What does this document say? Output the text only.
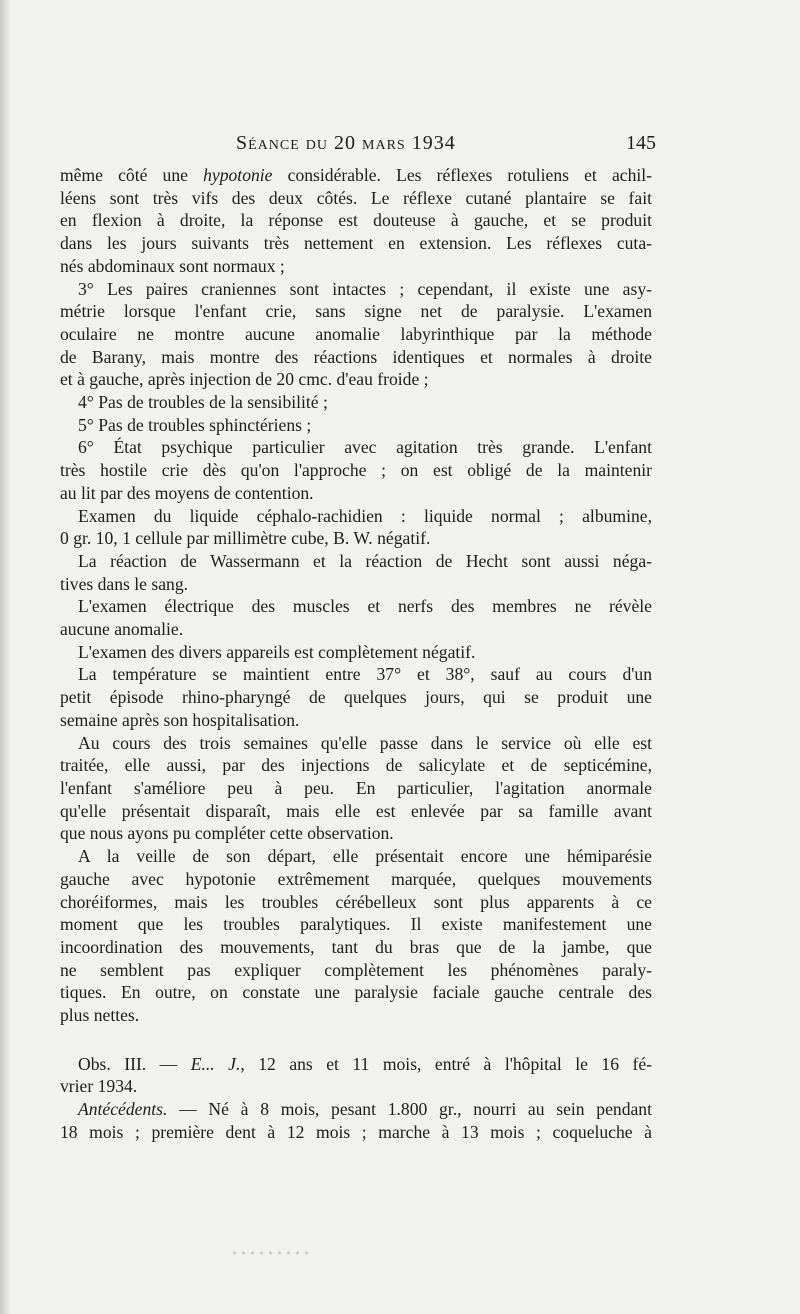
Séance du 20 mars 1934	145
même côté une hypotonie considérable. Les réflexes rotuliens et achil-
léens sont très vifs des deux côtés. Le réflexe cutané plantaire se fait
en flexion à droite, la réponse est douteuse à gauche, et se produit
dans les jours suivants très nettement en extension. Les réflexes cuta-
nés abdominaux sont normaux ;
3° Les paires craniennes sont intactes ; cependant, il existe une asy-
métrie lorsque l'enfant crie, sans signe net de paralysie. L'examen
oculaire ne montre aucune anomalie labyrinthique par la méthode
de Barany, mais montre des réactions identiques et normales à droite
et à gauche, après injection de 20 cmc. d'eau froide ;
4° Pas de troubles de la sensibilité ;
5° Pas de troubles sphinctériens ;
6° État psychique particulier avec agitation très grande. L'enfant
très hostile crie dès qu'on l'approche ; on est obligé de la maintenir
au lit par des moyens de contention.
Examen du liquide céphalo-rachidien : liquide normal ; albumine,
0 gr. 10, 1 cellule par millimètre cube, B. W. négatif.
La réaction de Wassermann et la réaction de Hecht sont aussi néga-
tives dans le sang.
L'examen électrique des muscles et nerfs des membres ne révèle
aucune anomalie.
L'examen des divers appareils est complètement négatif.
La température se maintient entre 37° et 38°, sauf au cours d'un
petit épisode rhino-pharyngé de quelques jours, qui se produit une
semaine après son hospitalisation.
Au cours des trois semaines qu'elle passe dans le service où elle est
traitée, elle aussi, par des injections de salicylate et de septicémine,
l'enfant s'améliore peu à peu. En particulier, l'agitation anormale
qu'elle présentait disparaît, mais elle est enlevée par sa famille avant
que nous ayons pu compléter cette observation.
A la veille de son départ, elle présentait encore une hémiparésie
gauche avec hypotonie extrêmement marquée, quelques mouvements
choréiformes, mais les troubles cérébelleux sont plus apparents à ce
moment que les troubles paralytiques. Il existe manifestement une
incoordination des mouvements, tant du bras que de la jambe, que
ne semblent pas expliquer complètement les phénomènes paraly-
tiques. En outre, on constate une paralysie faciale gauche centrale des
plus nettes.
Obs. III. — E... J., 12 ans et 11 mois, entré à l'hôpital le 16 fé-
vrier 1934.
Antécédents. — Né à 8 mois, pesant 1.800 gr., nourri au sein pendant
18 mois ; première dent à 12 mois ; marche à 13 mois ; coqueluche à
